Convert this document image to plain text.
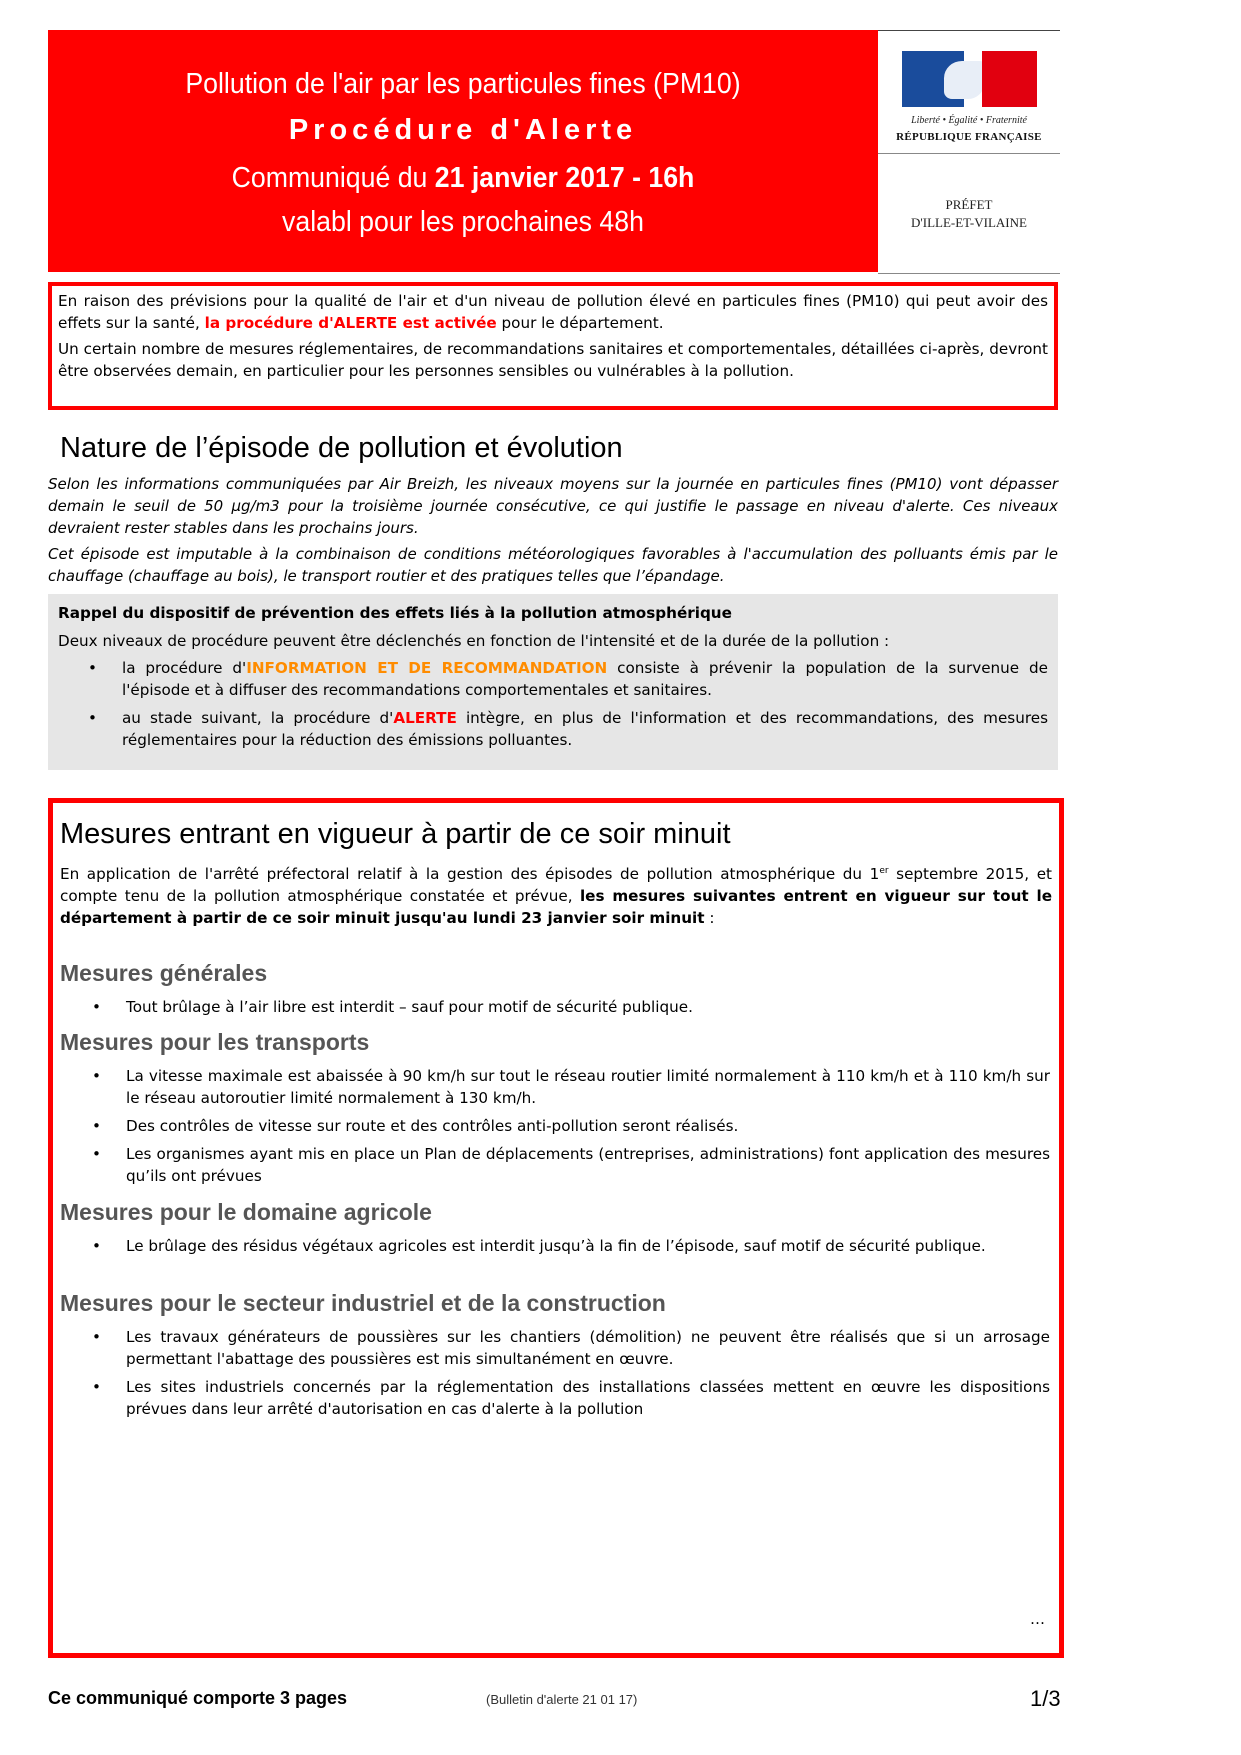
Pollution de l'air par les particules fines (PM10)
Procédure d'Alerte
Communiqué du 21 janvier 2017 - 16h
valabl pour les prochaines 48h
Liberté • Égalité • Fraternité
RÉPUBLIQUE FRANÇAISE
PRÉFET
D'ILLE-ET-VILAINE

En raison des prévisions pour la qualité de l'air et d'un niveau de pollution élevé en particules fines (PM10) qui peut avoir des effets sur la santé, la procédure d'ALERTE est activée pour le département.

Un certain nombre de mesures réglementaires, de recommandations sanitaires et comportementales, détaillées ci-après, devront être observées demain, en particulier pour les personnes sensibles ou vulnérables à la pollution.

Nature de l’épisode de pollution et évolution

Selon les informations communiquées par Air Breizh, les niveaux moyens sur la journée en particules fines (PM10) vont dépasser demain le seuil de 50 µg/m3 pour la troisième journée consécutive, ce qui justifie le passage en niveau d'alerte. Ces niveaux devraient rester stables dans les prochains jours.

Cet épisode est imputable à la combinaison de conditions météorologiques favorables à l'accumulation des polluants émis par le chauffage (chauffage au bois), le transport routier et des pratiques telles que l’épandage.

Rappel du dispositif de prévention des effets liés à la pollution atmosphérique
Deux niveaux de procédure peuvent être déclenchés en fonction de l'intensité et de la durée de la pollution :
• la procédure d'INFORMATION ET DE RECOMMANDATION consiste à prévenir la population de la survenue de l'épisode et à diffuser des recommandations comportementales et sanitaires.
• au stade suivant, la procédure d'ALERTE intègre, en plus de l'information et des recommandations, des mesures réglementaires pour la réduction des émissions polluantes.
Mesures entrant en vigueur à partir de ce soir minuit
En application de l'arrêté préfectoral relatif à la gestion des épisodes de pollution atmosphérique du 1er septembre 2015, et compte tenu de la pollution atmosphérique constatée et prévue, les mesures suivantes entrent en vigueur sur tout le département à partir de ce soir minuit jusqu'au lundi 23 janvier soir minuit :
Mesures générales
• Tout brûlage à l’air libre est interdit – sauf pour motif de sécurité publique.
Mesures pour les transports
• La vitesse maximale est abaissée à 90 km/h sur tout le réseau routier limité normalement à 110 km/h et à 110 km/h sur le réseau autoroutier limité normalement à 130 km/h.
• Des contrôles de vitesse sur route et des contrôles anti-pollution seront réalisés.
• Les organismes ayant mis en place un Plan de déplacements (entreprises, administrations) font application des mesures qu’ils ont prévues
Mesures pour le domaine agricole
• Le brûlage des résidus végétaux agricoles est interdit jusqu’à la fin de l’épisode, sauf motif de sécurité publique.
Mesures pour le secteur industriel et de la construction
• Les travaux générateurs de poussières sur les chantiers (démolition) ne peuvent être réalisés que si un arrosage permettant l'abattage des poussières est mis simultanément en œuvre.
• Les sites industriels concernés par la réglementation des installations classées mettent en œuvre les dispositions prévues dans leur arrêté d'autorisation en cas d'alerte à la pollution
…
Ce communiqué comporte 3 pages	(Bulletin d'alerte 21 01 17)	1/3
